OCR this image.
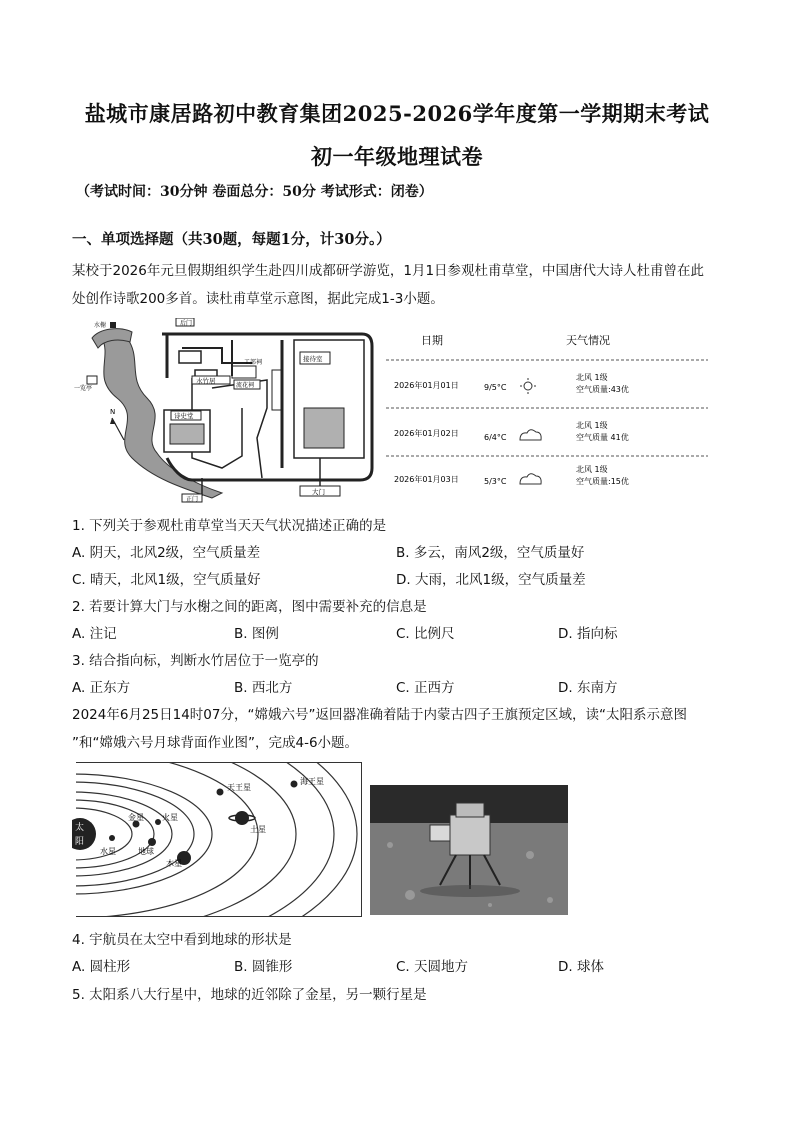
盐城市康居路初中教育集团2025-2026学年度第一学期期末考试
初一年级地理试卷
（考试时间：30分钟 卷面总分：50分 考试形式：闭卷）
一、单项选择题（共30题，每题1分，计30分。）
某校于2026年元旦假期组织学生赴四川成都研学游览，1月1日参观杜甫草堂，中国唐代大诗人杜甫曾在此
处创作诗歌200多首。读杜甫草堂示意图，据此完成1-3小题。
后门
水榭
水竹居
工部祠
流花祠
诗史堂
一览亭
N
接待室
正门
大门
日期	天气情况
2026年01月01日	9/5°C
北风 1级
空气质量:43优
2026年01月02日	6/4°C
北风 1级
空气质量 41优
2026年01月03日	5/3°C
北风 1级
空气质量:15优
1. 下列关于参观杜甫草堂当天天气状况描述正确的是
A. 阴天，北风2级，空气质量差	B. 多云，南风2级，空气质量好
C. 晴天，北风1级，空气质量好	D. 大雨，北风1级，空气质量差
2. 若要计算大门与水榭之间的距离，图中需要补充的信息是
A. 注记	B. 图例	C. 比例尺	D. 指向标
3. 结合指向标，判断水竹居位于一览亭的
A. 正东方	B. 西北方	C. 正西方	D. 东南方
2024年6月25日14时07分，“嫦娥六号”返回器准确着陆于内蒙古四子王旗预定区域，读“太阳系示意图
”和“嫦娥六号月球背面作业图”，完成4-6小题。
太
阳
水星
金星
地球
火星
木星
土星
天王星
海王星
4. 宇航员在太空中看到地球的形状是
A. 圆柱形	B. 圆锥形	C. 天圆地方	D. 球体
5. 太阳系八大行星中，地球的近邻除了金星，另一颗行星是
